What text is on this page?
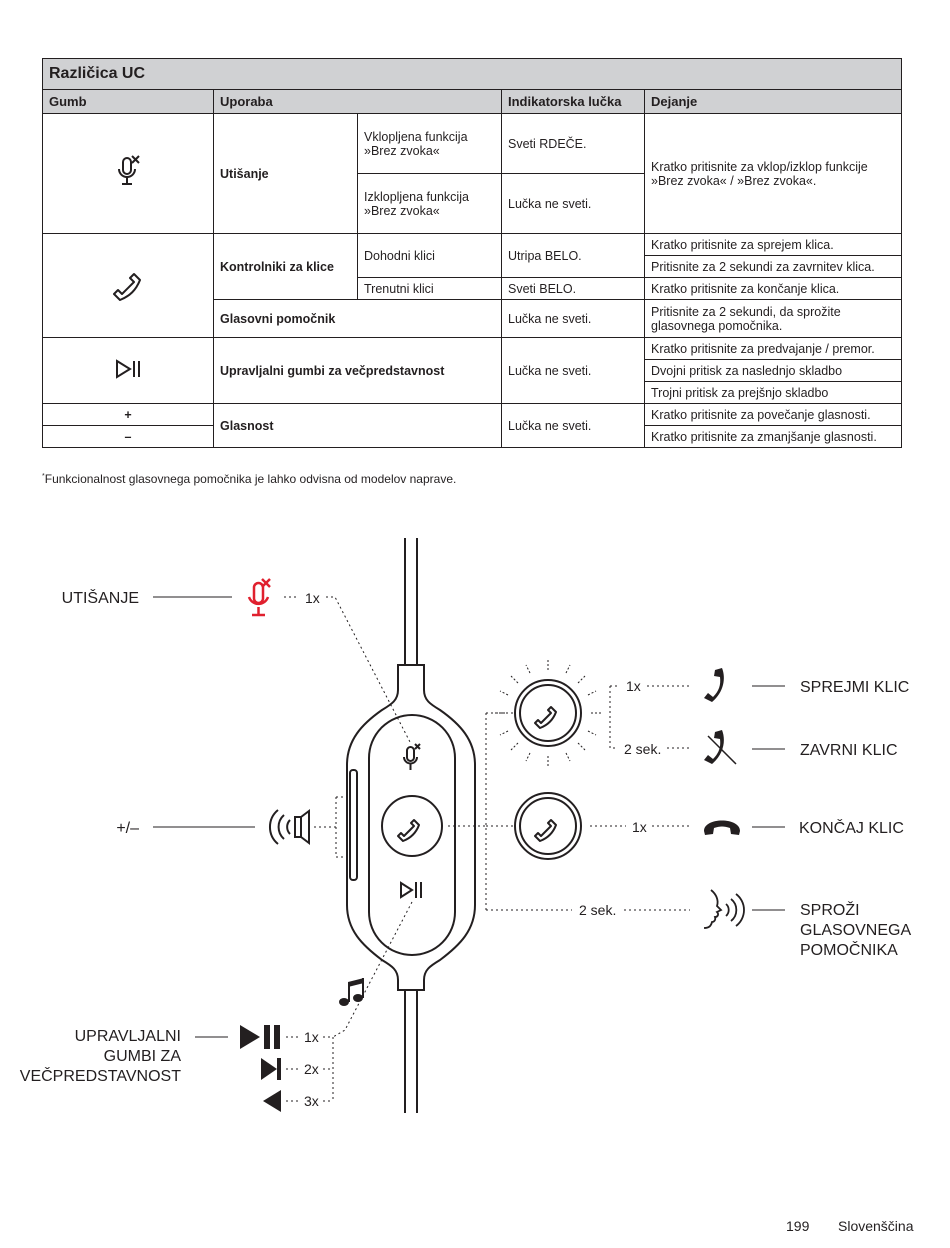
Različica UC				
Gumb	Uporaba		Indikatorska lučka	Dejanje
	Utišanje	Vklopljena funkcija »Brez zvoka«	Sveti RDEČE.	Kratko pritisnite za vklop/izklop funkcije »Brez zvoka« / »Brez zvoka«.
		Izklopljena funkcija »Brez zvoka«	Lučka ne sveti.	
	Kontrolniki za klice	Dohodni klici	Utripa BELO.	Kratko pritisnite za sprejem klica.
				Pritisnite za 2 sekundi za zavrnitev klica.
		Trenutni klici	Sveti BELO.	Kratko pritisnite za končanje klica.
	Glasovni pomočnik		Lučka ne sveti.	Pritisnite za 2 sekundi, da sprožite glasovnega pomočnika.
	Upravljalni gumbi za večpredstavnost		Lučka ne sveti.	Kratko pritisnite za predvajanje / premor.
				Dvojni pritisk za naslednjo skladbo
				Trojni pritisk za prejšnjo skladbo
+	Glasnost		Lučka ne sveti.	Kratko pritisnite za povečanje glasnosti.
–				Kratko pritisnite za zmanjšanje glasnosti.
*Funkcionalnost glasovnega pomočnika je lahko odvisna od modelov naprave.
UTIŠANJE	1x
+/–
1x
2 sek.
SPREJMI KLIC
ZAVRNI KLIC
1x	KONČAJ KLIC
2 sek.	SPROŽI
GLASOVNEGA
POMOČNIKA
1x
2x
3x
UPRAVLJALNI
GUMBI ZA
VEČPREDSTAVNOST
199 Slovenščina
